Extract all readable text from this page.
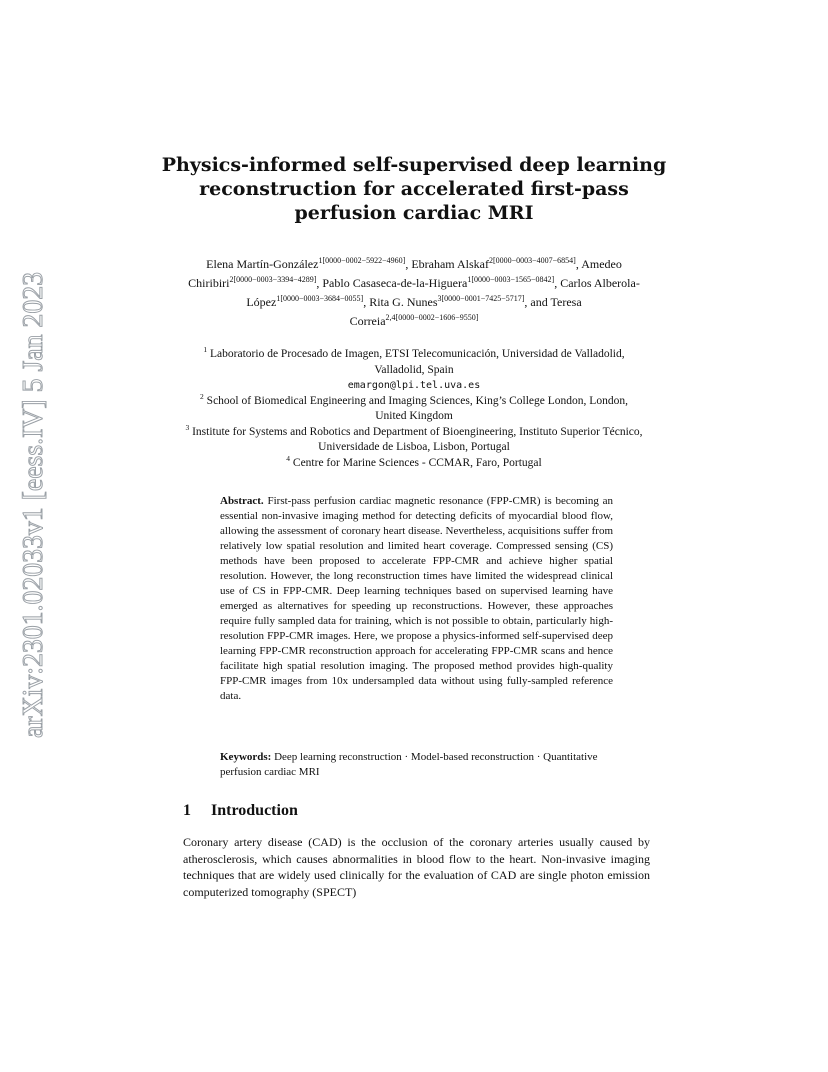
arXiv:2301.02033v1 [eess.IV] 5 Jan 2023
Physics-informed self-supervised deep learning reconstruction for accelerated first-pass perfusion cardiac MRI
Elena Martín-González$^{1[0000-0002-5922-4960]}$, Ebraham Alskaf$^{2[0000-0003-4007-6854]}$, Amedeo Chiribiri$^{2[0000-0003-3394-4289]}$, Pablo Casaseca-de-la-Higuera$^{1[0000-0003-1565-0842]}$, Carlos Alberola-López$^{1[0000-0003-3684-0055]}$, Rita G. Nunes$^{3[0000-0001-7425-5717]}$, and Teresa Correia$^{2,4[0000-0002-1606-9550]}$
$^1$ Laboratorio de Procesado de Imagen, ETSI Telecomunicación, Universidad de Valladolid, Valladolid, Spain
emargon@lpi.tel.uva.es
$^2$ School of Biomedical Engineering and Imaging Sciences, King’s College London, London, United Kingdom
$^3$ Institute for Systems and Robotics and Department of Bioengineering, Instituto Superior Técnico, Universidade de Lisboa, Lisbon, Portugal
$^4$ Centre for Marine Sciences - CCMAR, Faro, Portugal
Abstract. First-pass perfusion cardiac magnetic resonance (FPP-CMR) is becoming an essential non-invasive imaging method for detecting deficits of myocardial blood flow, allowing the assessment of coronary heart disease. Nevertheless, acquisitions suffer from relatively low spatial resolution and limited heart coverage. Compressed sensing (CS) methods have been proposed to accelerate FPP-CMR and achieve higher spatial resolution. However, the long reconstruction times have limited the widespread clinical use of CS in FPP-CMR. Deep learning techniques based on supervised learning have emerged as alternatives for speeding up reconstructions. However, these approaches require fully sampled data for training, which is not possible to obtain, particularly high-resolution FPP-CMR images. Here, we propose a physics-informed self-supervised deep learning FPP-CMR reconstruction approach for accelerating FPP-CMR scans and hence facilitate high spatial resolution imaging. The proposed method provides high-quality FPP-CMR images from 10x undersampled data without using fully-sampled reference data.
Keywords: Deep learning reconstruction · Model-based reconstruction · Quantitative perfusion cardiac MRI
1 Introduction
Coronary artery disease (CAD) is the occlusion of the coronary arteries usually caused by atherosclerosis, which causes abnormalities in blood flow to the heart. Non-invasive imaging techniques that are widely used clinically for the evaluation of CAD are single photon emission computerized tomography (SPECT)
